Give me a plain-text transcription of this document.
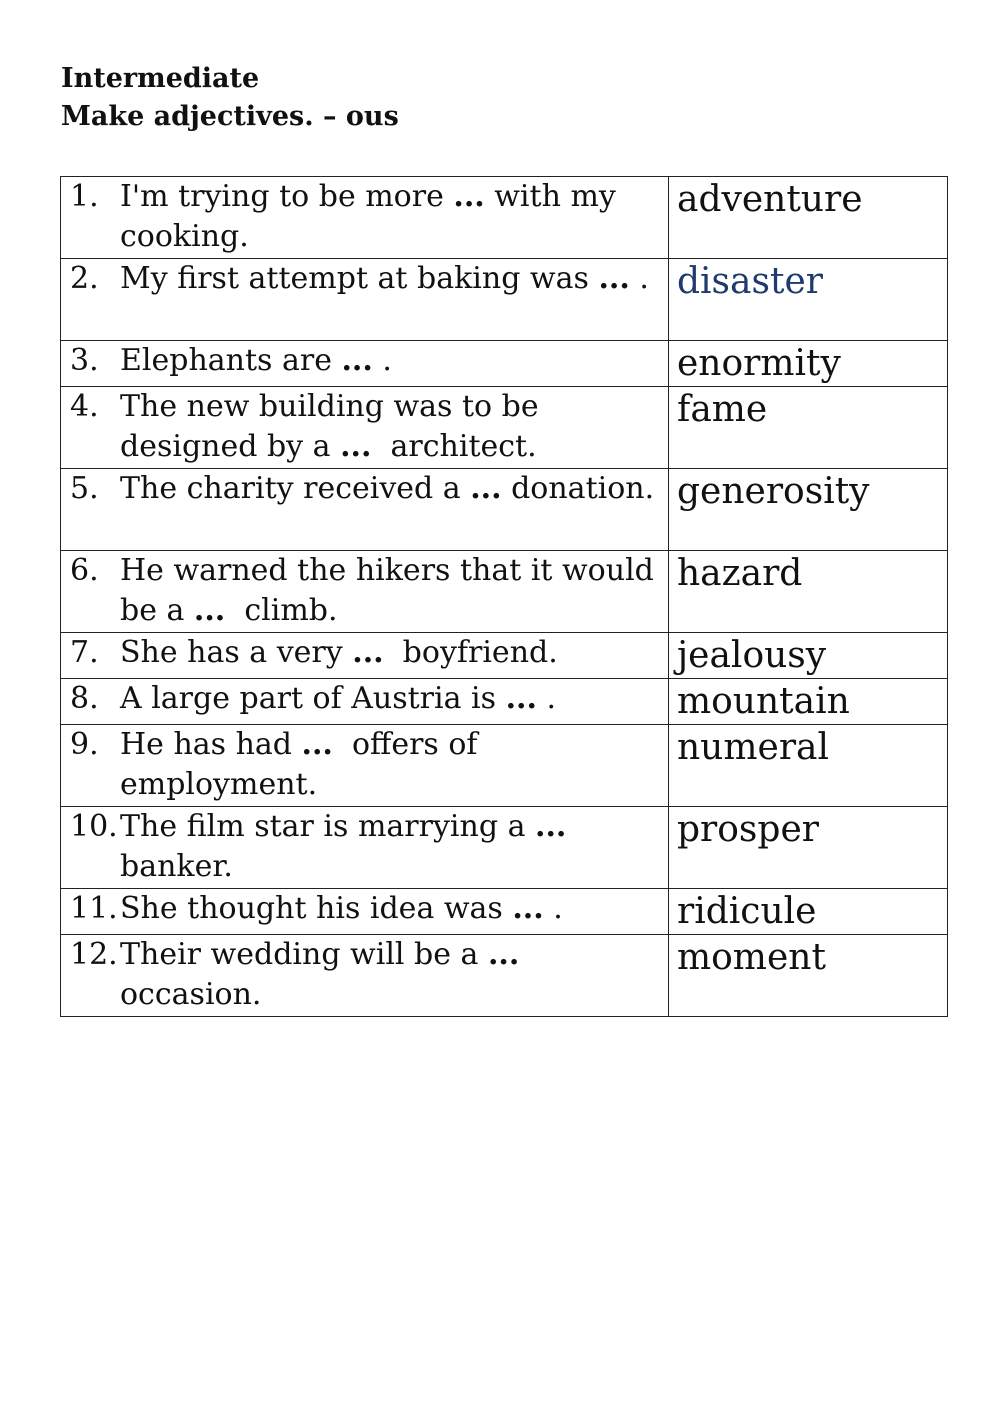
Intermediate
Make adjectives. – ous
1. I'm trying to be more ... with my cooking.	adventure

2. My first attempt at baking was ... .	disaster

3. Elephants are ... .	enormity

4. The new building was to be designed by a ...  architect.	fame

5. The charity received a ... donation.	generosity

6. He warned the hikers that it would be a ...  climb.	hazard

7. She has a very ...  boyfriend.	jealousy

8. A large part of Austria is ... .	mountain

9. He has had ...  offers of employment.	numeral

10. The film star is marrying a ... banker.	prosper

11. She thought his idea was ... .	ridicule

12. Their wedding will be a ... occasion.	moment
